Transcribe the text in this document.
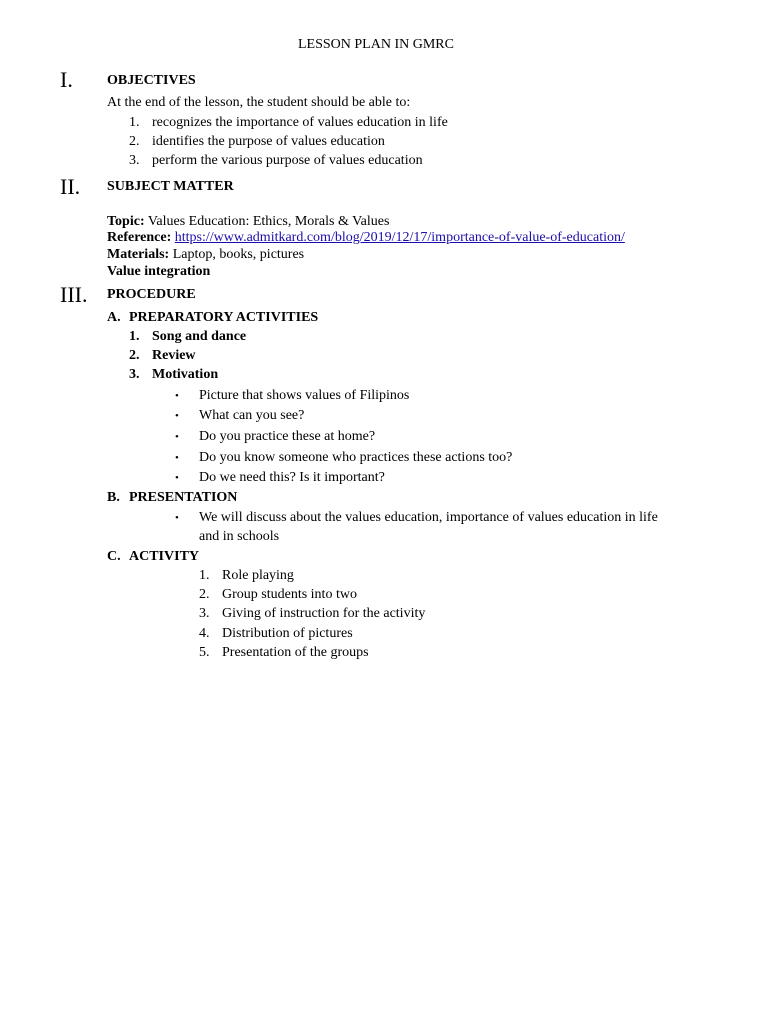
LESSON PLAN IN GMRC
I. OBJECTIVES
At the end of the lesson, the student should be able to:
1. recognizes the importance of values education in life
2. identifies the purpose of values education
3. perform the various purpose of values education
II. SUBJECT MATTER
Topic: Values Education: Ethics, Morals & Values
Reference: https://www.admitkard.com/blog/2019/12/17/importance-of-value-of-education/
Materials: Laptop, books, pictures
Value integration
III. PROCEDURE
A. PREPARATORY ACTIVITIES
1. Song and dance
2. Review
3. Motivation
• Picture that shows values of Filipinos
• What can you see?
• Do you practice these at home?
• Do you know someone who practices these actions too?
• Do we need this? Is it important?
B. PRESENTATION
• We will discuss about the values education, importance of values education in life
and in schools
C. ACTIVITY
1. Role playing
2. Group students into two
3. Giving of instruction for the activity
4. Distribution of pictures
5. Presentation of the groups
